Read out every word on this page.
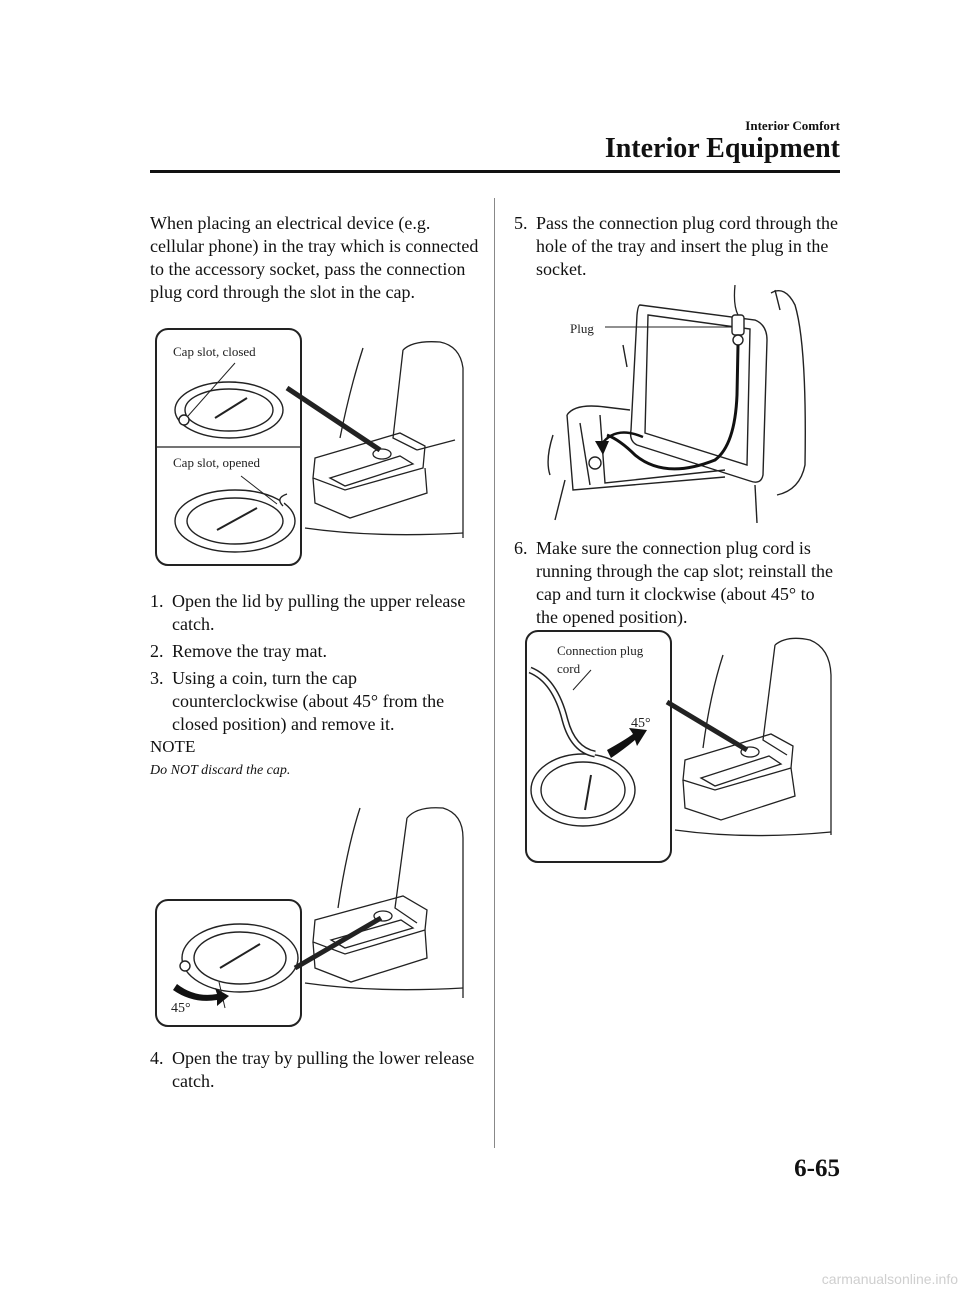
Interior Comfort
Interior Equipment

When placing an electrical device (e.g. cellular phone) in the tray which is connected to the accessory socket, pass the connection plug cord through the slot in the cap.

Cap slot, closed
Cap slot, opened
1. Open the lid by pulling the upper release catch.
2. Remove the tray mat.
3. Using a coin, turn the cap counterclockwise (about 45° from the closed position) and remove it.
NOTE
Do NOT discard the cap.
45°
4. Open the tray by pulling the lower release catch.
5. Pass the connection plug cord through the hole of the tray and insert the plug in the socket.
Plug
6. Make sure the connection plug cord is running through the cap slot; reinstall the cap and turn it clockwise (about 45° to the opened position).
Connection plug
cord
45°
6-65
carmanualsonline.info
